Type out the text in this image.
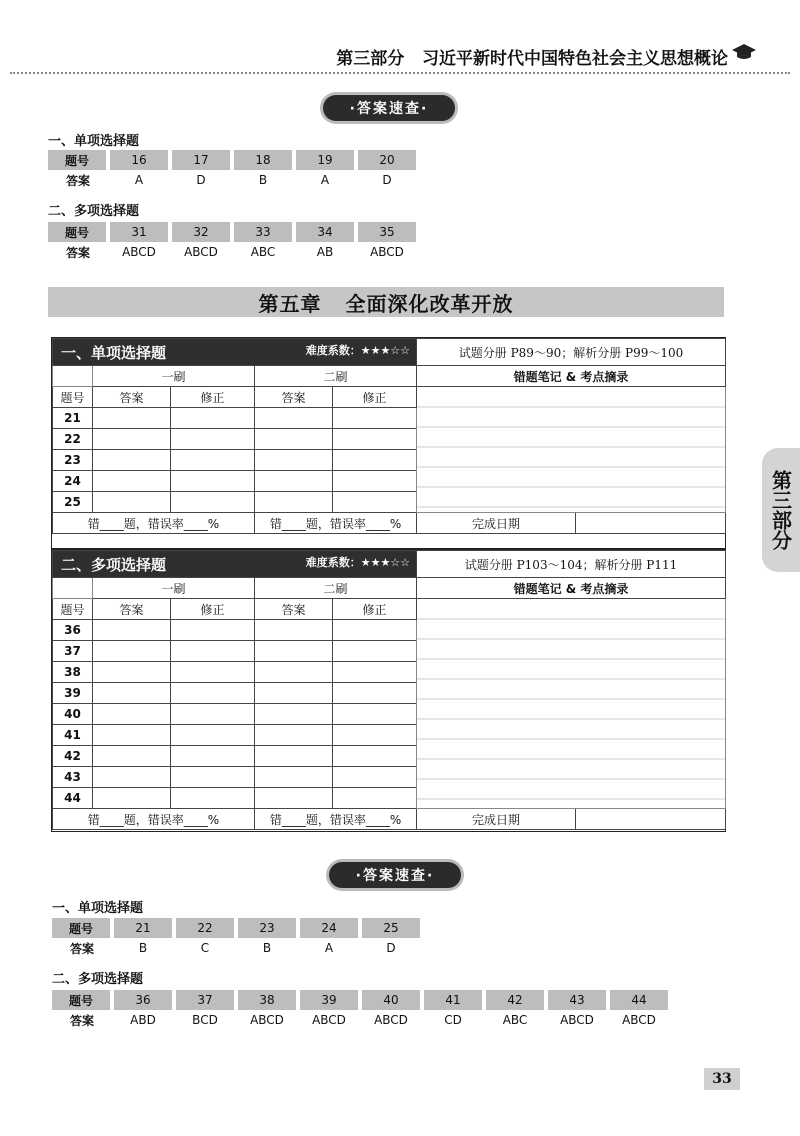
第三部分 习近平新时代中国特色社会主义思想概论
·答案速查·
一、单项选择题
题号	16	17	18	19	20
答案	A	D	B	A	D
二、多项选择题
题号	31	32	33	34	35
答案	ABCD	ABCD	ABC	AB	ABCD
第五章 全面深化改革开放
难度系数：★★★☆☆
一、单项选择题					试题分册 P89～90；解析分册 P99～100	
	一刷		二刷		错题笔记 & 考点摘录	
题号	答案	修正	答案	修正		
21						
22						
23						
24						
25						
错____题，错误率____%			错____题，错误率____%		完成日期	
难度系数：★★★☆☆
二、多项选择题					试题分册 P103～104；解析分册 P111	
	一刷		二刷		错题笔记 & 考点摘录	
题号	答案	修正	答案	修正		
36						
37						
38						
39						
40						
41						
42						
43						
44						
错____题，错误率____%			错____题，错误率____%		完成日期	
·答案速查·
一、单项选择题
题号	21	22	23	24	25
答案	B	C	B	A	D
二、多项选择题
题号	36	37	38	39	40	41	42	43	44
答案	ABD	BCD	ABCD	ABCD	ABCD	CD	ABC	ABCD	ABCD
第三部分
33
